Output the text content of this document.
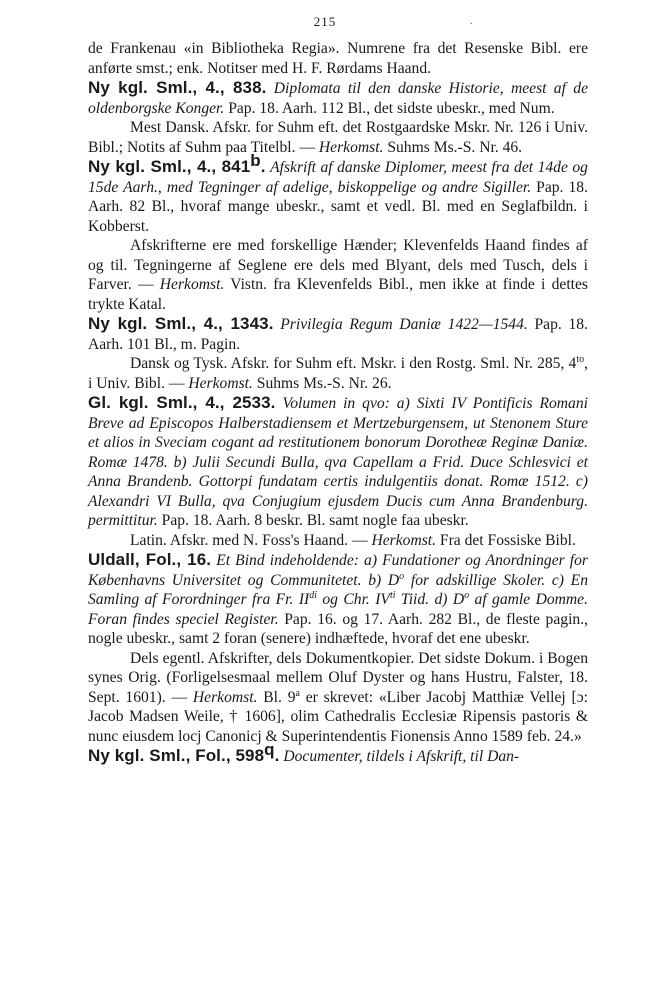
215	.

de Frankenau «in Bibliotheka Regia». Numrene fra det Resenske Bibl. ere anførte smst.; enk. Notitser med H. F. Rørdams Haand.

Ny kgl. Sml., 4., 838. Diplomata til den danske Historie, meest af de oldenborgske Konger. Pap. 18. Aarh. 112 Bl., det sidste ubeskr., med Num.

Mest Dansk. Afskr. for Suhm eft. det Rostgaardske Mskr. Nr. 126 i Univ. Bibl.; Notits af Suhm paa Titelbl. — Herkomst. Suhms Ms.-S. Nr. 46.

Ny kgl. Sml., 4., 841$^b$. Afskrift af danske Diplomer, meest fra det 14de og 15de Aarh., med Tegninger af adelige, biskoppelige og andre Sigiller. Pap. 18. Aarh. 82 Bl., hvoraf mange ubeskr., samt et vedl. Bl. med en Seglafbildn. i Kobberst.

Afskrifterne ere med forskellige Hænder; Klevenfelds Haand findes af og til. Tegningerne af Seglene ere dels med Blyant, dels med Tusch, dels i Farver. — Herkomst. Vistn. fra Klevenfelds Bibl., men ikke at finde i dettes trykte Katal.

Ny kgl. Sml., 4., 1343. Privilegia Regum Daniæ 1422—1544. Pap. 18. Aarh. 101 Bl., m. Pagin.

Dansk og Tysk. Afskr. for Suhm eft. Mskr. i den Rostg. Sml. Nr. 285, $4^{to}$, i Univ. Bibl. — Herkomst. Suhms Ms.-S. Nr. 26.

Gl. kgl. Sml., 4., 2533. Volumen in qvo: a) Sixti IV Pontificis Romani Breve ad Episcopos Halberstadiensem et Mertzeburgensem, ut Stenonem Sture et alios in Sveciam cogant ad restitutionem bonorum Dorotheæ Reginæ Daniæ. Romæ 1478. b) Julii Secundi Bulla, qva Capellam a Frid. Duce Schlesvici et Anna Brandenb. Gottorpi fundatam certis indulgentiis donat. Romæ 1512. c) Alexandri VI Bulla, qva Conjugium ejusdem Ducis cum Anna Brandenburg. permittitur. Pap. 18. Aarh. 8 beskr. Bl. samt nogle faa ubeskr.

Latin. Afskr. med N. Foss's Haand. — Herkomst. Fra det Fossiske Bibl.

Uldall, Fol., 16. Et Bind indeholdende: a) Fundationer og Anordninger for Københavns Universitet og Communitetet. b) $D^o$ for adskillige Skoler. c) En Samling af Forordninger fra Fr. $II^{di}$ og Chr. $IV^{ti}$ Tiid. d) $D^o$ af gamle Domme. Foran findes speciel Register. Pap. 16. og 17. Aarh. 282 Bl., de fleste pagin., nogle ubeskr., samt 2 foran (senere) indhæftede, hvoraf det ene ubeskr.

Dels egentl. Afskrifter, dels Dokumentkopier. Det sidste Dokum. i Bogen synes Orig. (Forligelsesmaal mellem Oluf Dyster og hans Hustru, Falster, 18. Sept. 1601). — Herkomst. Bl. 9$^a$ er skrevet: «Liber Jacobj Matthiæ Vellej [ɔ: Jacob Madsen Weile, † 1606], olim Cathedralis Ecclesiæ Ripensis pastoris & nunc eiusdem locj Canonicj & Superintendentis Fionensis Anno 1589 feb. 24.»

Ny kgl. Sml., Fol., 598$^q$. Documenter, tildels i Afskrift, til Dan-
